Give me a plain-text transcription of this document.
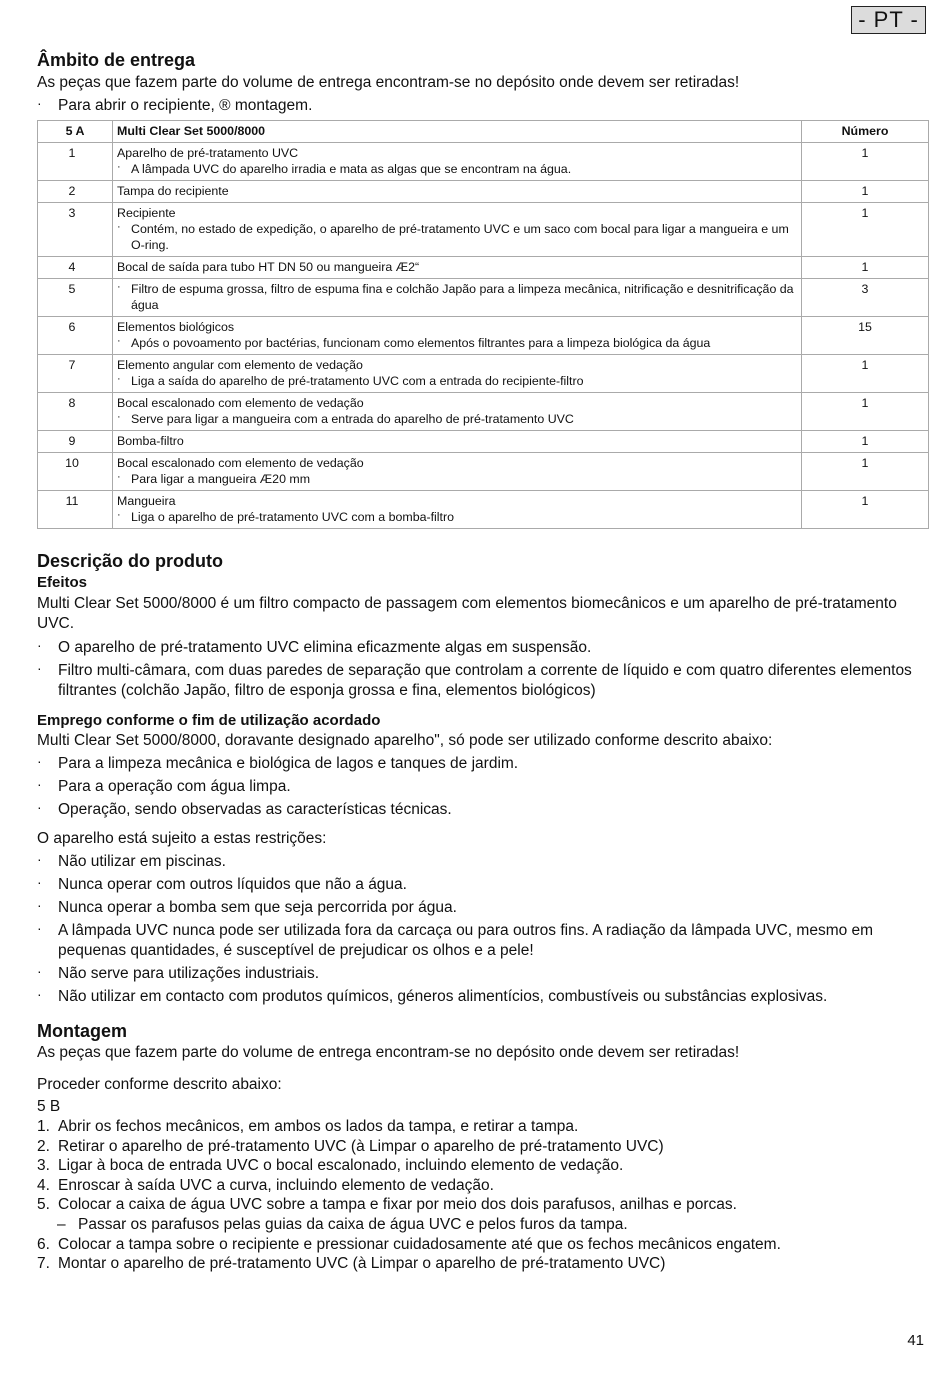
- PT -
Âmbito de entrega

As peças que fazem parte do volume de entrega encontram-se no depósito onde devem ser retiradas!

· Para abrir o recipiente, ® montagem.
5 A	Multi Clear Set 5000/8000	Número
1	Aparelho de pré-tratamento UVC
· A lâmpada UVC do aparelho irradia e mata as algas que se encontram na água.	1
2	Tampa do recipiente	1
3	Recipiente
· Contém, no estado de expedição, o aparelho de pré-tratamento UVC e um saco com bocal para ligar a mangueira e um O-ring.	1
4	Bocal de saída para tubo HT DN 50 ou mangueira Æ2“	1
5	· Filtro de espuma grossa, filtro de espuma fina e colchão Japão para a limpeza mecânica, nitrificação e desnitrificação da água	3
6	Elementos biológicos
· Após o povoamento por bactérias, funcionam como elementos filtrantes para a limpeza biológica da água	15
7	Elemento angular com elemento de vedação
· Liga a saída do aparelho de pré-tratamento UVC com a entrada do recipiente-filtro	1
8	Bocal escalonado com elemento de vedação
· Serve para ligar a mangueira com a entrada do aparelho de pré-tratamento UVC	1
9	Bomba-filtro	1
10	Bocal escalonado com elemento de vedação
· Para ligar a mangueira Æ20 mm	1
11	Mangueira
· Liga o aparelho de pré-tratamento UVC com a bomba-filtro	1
Descrição do produto
Efeitos

Multi Clear Set 5000/8000 é um filtro compacto de passagem com elementos biomecânicos e um aparelho de pré-tratamento UVC.

· O aparelho de pré-tratamento UVC elimina eficazmente algas em suspensão.
· Filtro multi-câmara, com duas paredes de separação que controlam a corrente de líquido e com quatro diferentes elementos filtrantes (colchão Japão, filtro de esponja grossa e fina, elementos biológicos)
Emprego conforme o fim de utilização acordado

Multi Clear Set 5000/8000, doravante designado aparelho", só pode ser utilizado conforme descrito abaixo:

· Para a limpeza mecânica e biológica de lagos e tanques de jardim.
· Para a operação com água limpa.
· Operação, sendo observadas as características técnicas.

O aparelho está sujeito a estas restrições:

· Não utilizar em piscinas.
· Nunca operar com outros líquidos que não a água.
· Nunca operar a bomba sem que seja percorrida por água.
· A lâmpada UVC nunca pode ser utilizada fora da carcaça ou para outros fins. A radiação da lâmpada UVC, mesmo em pequenas quantidades, é susceptível de prejudicar os olhos e a pele!
· Não serve para utilizações industriais.
· Não utilizar em contacto com produtos químicos, géneros alimentícios, combustíveis ou substâncias explosivas.
Montagem

As peças que fazem parte do volume de entrega encontram-se no depósito onde devem ser retiradas!

Proceder conforme descrito abaixo:

5 B

1. Abrir os fechos mecânicos, em ambos os lados da tampa, e retirar a tampa.
2. Retirar o aparelho de pré-tratamento UVC (à Limpar o aparelho de pré-tratamento UVC)
3. Ligar à boca de entrada UVC o bocal escalonado, incluindo elemento de vedação.
4. Enroscar à saída UVC a curva, incluindo elemento de vedação.
5. Colocar a caixa de água UVC sobre a tampa e fixar por meio dos dois parafusos, anilhas e porcas.
– Passar os parafusos pelas guias da caixa de água UVC e pelos furos da tampa.
6. Colocar a tampa sobre o recipiente e pressionar cuidadosamente até que os fechos mecânicos engatem.
7. Montar o aparelho de pré-tratamento UVC (à Limpar o aparelho de pré-tratamento UVC)
41
